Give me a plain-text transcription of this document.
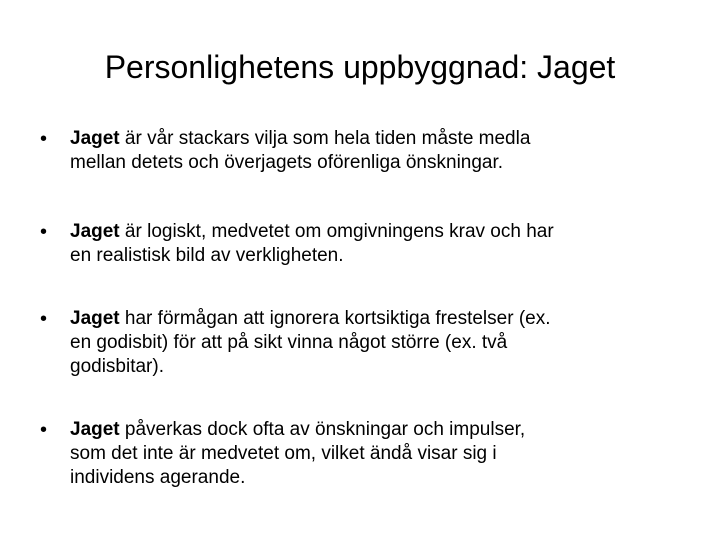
Personlighetens uppbyggnad: Jaget
• Jaget är vår stackars vilja som hela tiden måste medla
mellan detets och överjagets oförenliga önskningar.
• Jaget är logiskt, medvetet om omgivningens krav och har
en realistisk bild av verkligheten.
• Jaget har förmågan att ignorera kortsiktiga frestelser (ex.
en godisbit) för att på sikt vinna något större (ex. två
godisbitar).
• Jaget påverkas dock ofta av önskningar och impulser,
som det inte är medvetet om, vilket ändå visar sig i
individens agerande.
